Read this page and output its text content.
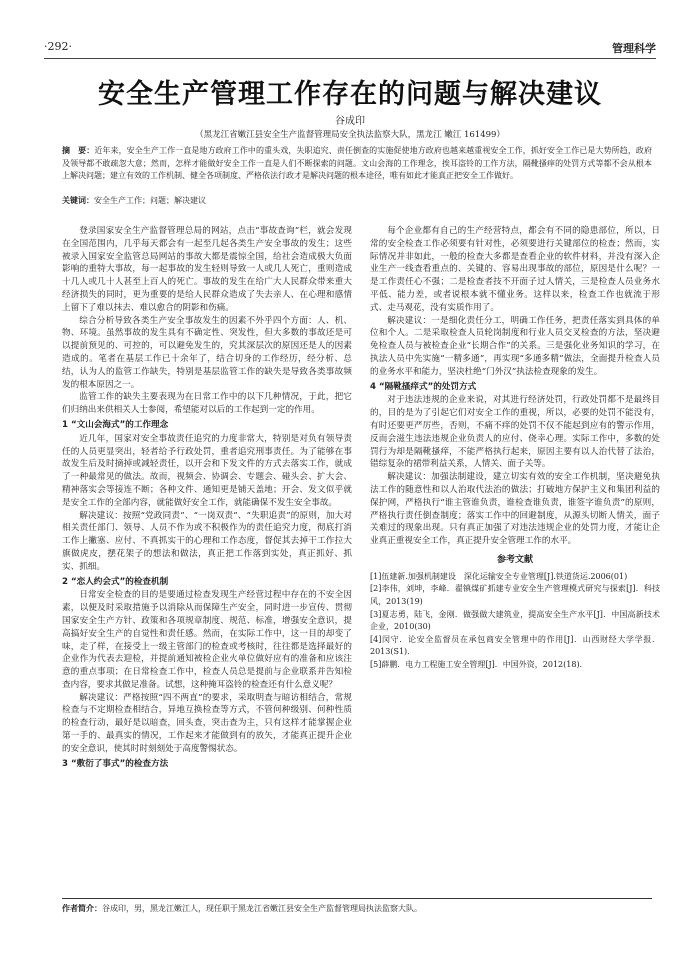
·292·	管理科学
安全生产管理工作存在的问题与解决建议
谷成印
（黑龙江省嫩江县安全生产监督管理局安全执法监察大队，黑龙江 嫩江 161499）
摘　要：近年来，安全生产工作一直是地方政府工作中的重头戏，失职追究、责任倒查的实施促使地方政府也越来越重视安全工作，抓好安全工作已是大势所趋，政府及领导都不敢疏忽大意；然而，怎样才能做好安全工作一直是人们不断探索的问题。文山会海的工作理念，挨耳盗铃的工作方法，隔靴搔痒的处罚方式等都不会从根本上解决问题；建立有效的工作机制、健全各项制度、严格依法行政才是解决问题的根本途径，唯有如此才能真正把安全工作做好。
关键词：安全生产工作；问题；解决建议

登录国家安全生产监督管理总局的网站，点击“事故查询”栏，就会发现在全国范围内，几乎每天都会有一起至几起各类生产安全事故的发生；这些被录入国家安全监管总局网站的事故大都是震惊全国，给社会造成极大负面影响的重特大事故，每一起事故的发生轻则导致一人或几人死亡，重则造成十几人或几十人甚至上百人的死亡。事故的发生在给广大人民群众带来重大经济损失的同时，更为重要的是给人民群众造成了失去亲人、在心理和感情上留下了难以抹去、难以愈合的阴影和伤痛。

综合分析导致各类生产安全事故发生的因素不外乎四个方面：人、机、物、环境。虽然事故的发生具有不确定性、突发性，但大多数的事故还是可以提前预见的、可控的，可以避免发生的，究其深层次的原因还是人的因素造成的。笔者在基层工作已十余年了，结合切身的工作经历，经分析、总结，认为人的监管工作缺失，特别是基层监管工作的缺失是导致各类事故频发的根本原因之一。

监管工作的缺失主要表现为在日常工作中的以下几种情况，于此，把它们归纳出来供相关人士参阅，希望能对以后的工作起到一定的作用。

1 “文山会海式”的工作理念

近几年，国家对安全事故责任追究的力度非常大，特别是对负有领导责任的人员更显突出，轻者给予行政处罚，重者追究刑事责任。为了能够在事故发生后及时摘掉或减轻责任，以开会和下发文件的方式去落实工作，就成了一种最常见的做法。故而，视频会、协调会、专题会、碰头会、扩大会、精神落实会等接连不断；各种文件、通知更是铺天盖地；开会、发文似乎就是安全工作的全部内容，就能做好安全工作，就能确保不发生安全事故。

解决建议：按照“党政同责”、“一岗双责”、“失职追责”的原则，加大对相关责任部门、领导、人员不作为或不积极作为的责任追究力度，彻底打消工作上撇塞、应付、不真抓实干的心理和工作态度，督促其去掉干工作拉大旗做虎皮，摆花架子的想法和做法，真正把工作落到实处，真正抓好、抓实、抓细。

2 “恋人约会式”的检查机制

日常安全检查的目的是要通过检查发现生产经营过程中存在的不安全因素，以便及时采取措施予以消除从而保障生产安全，同时进一步宣传、贯彻国家安全生产方针、政策和各项规章制度、规范、标准，增强安全意识，提高搞好安全生产的自觉性和责任感。然而，在实际工作中，这一目的却变了味，走了样，在接受上一级主管部门的检查或考核时，往往都是选择最好的企业作为代表去迎检，并提前通知被检企业火单位做好应有的准备和应该注意的重点事项；在日常检查工作中，检查人员总是提前与企业联系并告知检查内容，要求其做足准备。试想，这种掩耳盗铃的检查还有什么意义呢？

解决建议：严格按照“四不两直”的要求，采取明查与暗访相结合，常规检查与不定期检查相结合，异地互换检查等方式，不管何种级别、何种性质的检查行动，最好是以暗查，回头查，突击查为主，只有这样才能掌握企业第一手的、最真实的情况，工作起来才能做到有的放矢，才能真正提升企业的安全意识，使其时时刻刻处于高度警惕状态。

3 “敷衍了事式”的检查方法

每个企业都有自己的生产经营特点，都会有不同的隐患部位，所以，日常的安全检查工作必须要有针对性，必须要进行关键部位的检查；然而，实际情况并非如此，一般的检查大多都是查看企业的软件材料，并没有深入企业生产一线查看重点的、关键的、容易出现事故的部位，原因是什么呢？一是工作责任心不强；二是检查者技不开面子过人情关，三是检查人员业务水平低、能力差，或者说根本就不懂业务。这样以来，检查工作也就流于形式、走马观花，没有实质作用了。

解决建议：一是细化责任分工，明确工作任务，把责任落实到具体的单位和个人。二是采取检查人员轮岗制度和行业人员交叉检查的方法，坚决避免检查人员与被检查企业“长期合作”的关系。三是强化业务知识的学习，在执法人员中先实施“一精多通”，再实现“多通多精”做法，全面提升检查人员的业务水平和能力，坚决杜绝“门外汉”执法检查现象的发生。

4 “隔靴搔痒式”的处罚方式

对于违法违规的企业来说，对其进行经济处罚，行政处罚都不是最终目的，目的是为了引起它们对安全工作的重视，所以，必要的处罚不能没有，有时还要更严厉些，否则，不痛不痒的处罚不仅不能起到应有的警示作用，反而会滋生违法违规企业负责人的应付、侥幸心理。实际工作中，多数的处罚行为却是隔靴搔痒，不能严格执行起来，原因主要有以人治代替了法治，错综复杂的裙带利益关系，人情关、面子关等。

解决建议：加强法制建设，建立切实有效的安全工作机制，坚决避免执法工作的随意性和以人治取代法治的做法；打破地方保护主义和集团利益的保护网，严格执行“谁主管谁负责，谁检查谁负责，谁签字谁负责”的原则，严格执行责任倒查制度；落实工作中的回避制度，从源头切断人情关，面子关难过的现象出现。只有真正加强了对违法违规企业的处罚力度，才能让企业真正重视安全工作，真正提升安全管理工作的水平。

参考文献

[1]伍建新.加强机制建设　深化运输安全专业管理[J].铁道货运.2006(01)

[2]李伟，刘坤，李峰．翟镇煤矿抓建专业安全生产管理模式研究与探索[J]．科技风，2013(19)

[3]夏志勇，陆飞，金刚．做强做大建筑业，提高安全生产水平[J]．中国高新技术企业，2010(30)

[4]闵守．论安全监督员在承包商安全管理中的作用[J]．山西财经大学学报．2013(S1)．

[5]薛鹏．电力工程施工安全管理[J]．中国外资，2012(18)．

作者简介：谷成印，男，黑龙江嫩江人，现任职于黑龙江省嫩江县安全生产监督管理局执法监察大队。
